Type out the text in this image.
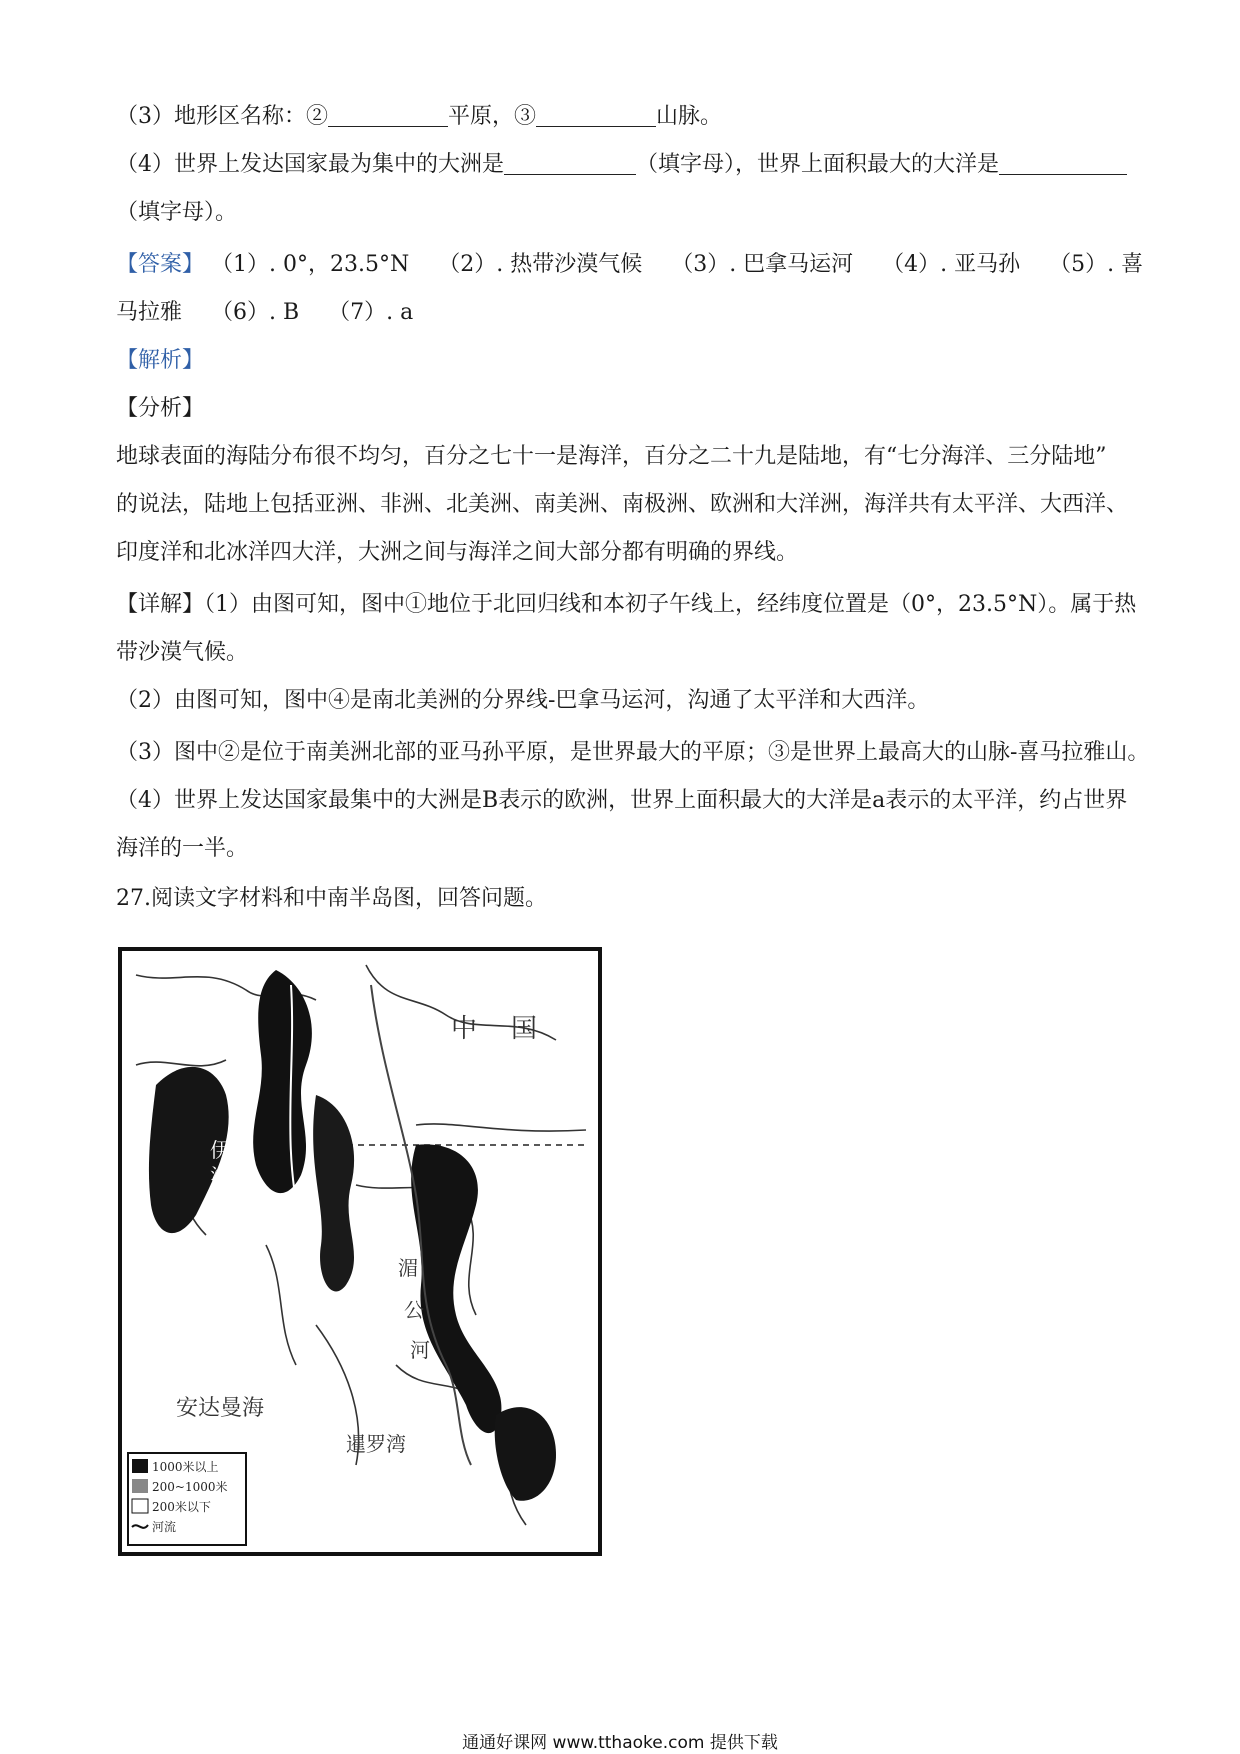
（3）地形区名称：②	平原，③	山脉。
（4）世界上发达国家最为集中的大洲是	（填字母），世界上面积最大的大洋是
（填字母）。
【答案】 （1）. 0°，23.5°N　 （2）. 热带沙漠气候　 （3）. 巴拿马运河　 （4）. 亚马孙　 （5）. 喜
马拉雅　 （6）. B　 （7）. a
【解析】
【分析】
地球表面的海陆分布很不均匀，百分之七十一是海洋，百分之二十九是陆地，有“七分海洋、三分陆地”
的说法，陆地上包括亚洲、非洲、北美洲、南美洲、南极洲、欧洲和大洋洲，海洋共有太平洋、大西洋、
印度洋和北冰洋四大洋，大洲之间与海洋之间大部分都有明确的界线。
【详解】（1）由图可知，图中①地位于北回归线和本初子午线上，经纬度位置是（0°，23.5°N）。属于热
带沙漠气候。
（2）由图可知，图中④是南北美洲的分界线-巴拿马运河，沟通了太平洋和大西洋。
（3）图中②是位于南美洲北部的亚马孙平原，是世界最大的平原；③是世界上最高大的山脉-喜马拉雅山。
（4）世界上发达国家最集中的大洲是B表示的欧洲，世界上面积最大的大洋是a表示的太平洋，约占世界
海洋的一半。
27.阅读文字材料和中南半岛图，回答问题。
中 国
伊
洛
瓦
底
江	湄
公
河
南
暹罗湾
安达曼海
1000米以上
200~1000米
200米以下
河流
通通好课网 www.tthaoke.com 提供下载
